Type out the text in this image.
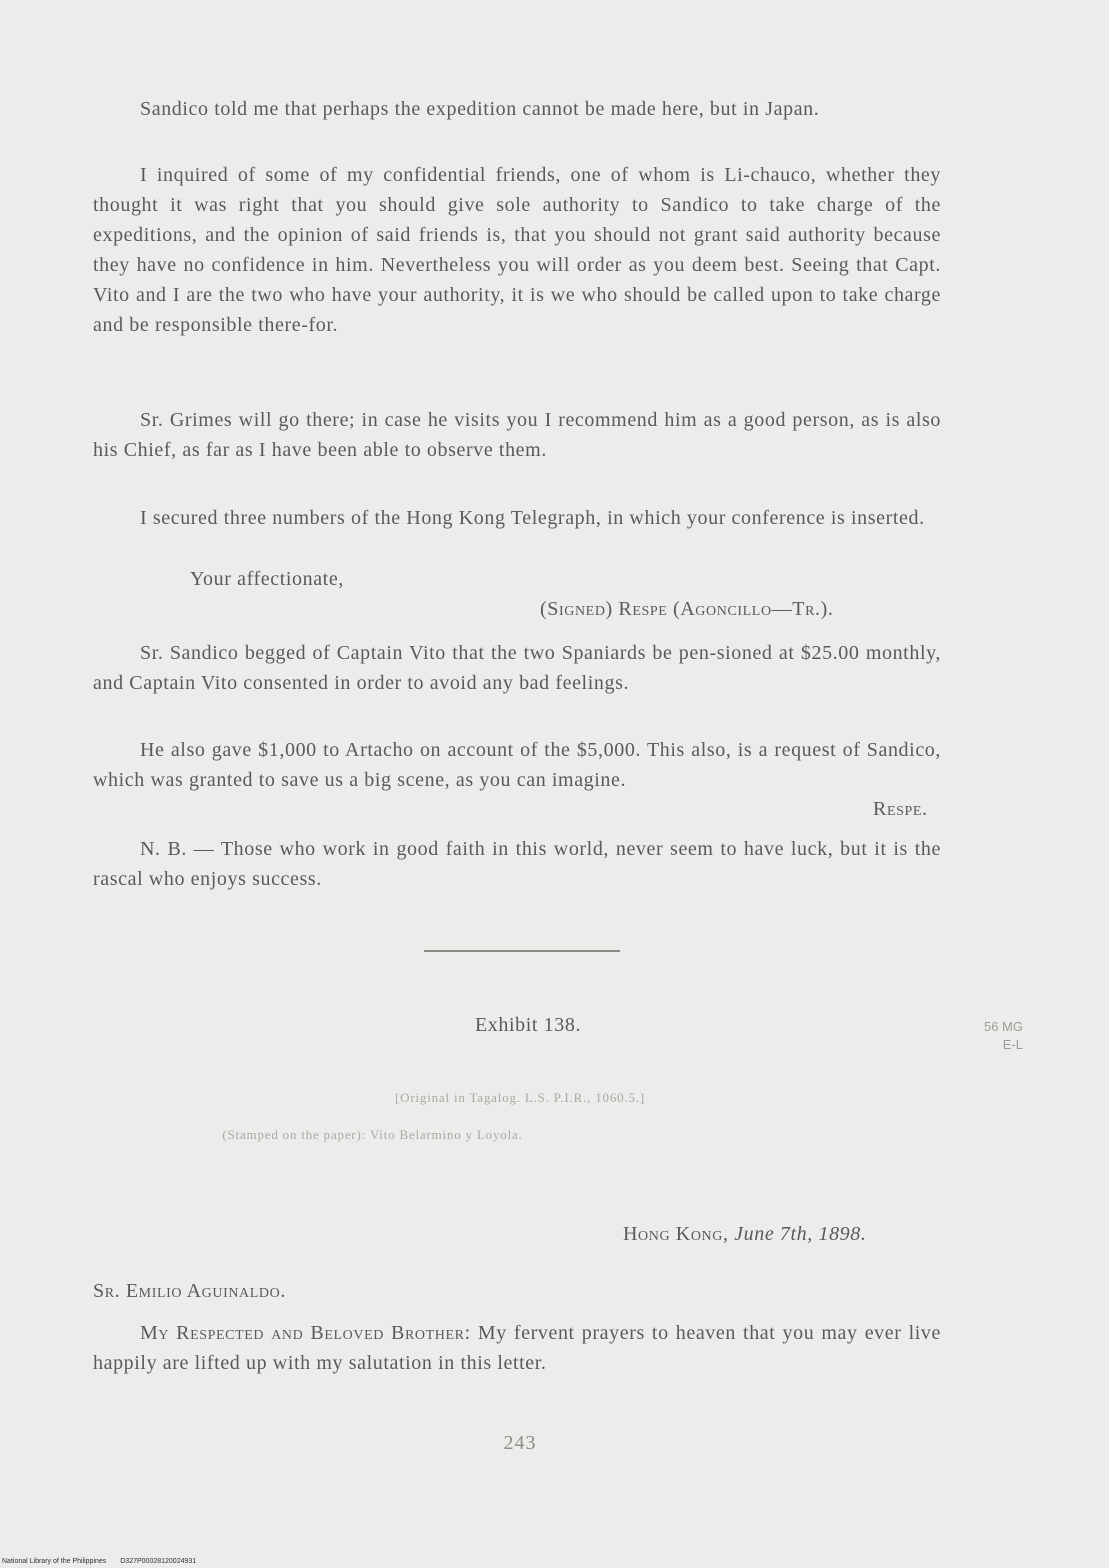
Sandico told me that perhaps the expedition cannot be made here, but in Japan.
I inquired of some of my confidential friends, one of whom is Li-chauco, whether they thought it was right that you should give sole authority to Sandico to take charge of the expeditions, and the opinion of said friends is, that you should not grant said authority because they have no confidence in him. Nevertheless you will order as you deem best. Seeing that Capt. Vito and I are the two who have your authority, it is we who should be called upon to take charge and be responsible there-for.
Sr. Grimes will go there; in case he visits you I recommend him as a good person, as is also his Chief, as far as I have been able to observe them.
I secured three numbers of the Hong Kong Telegraph, in which your conference is inserted.
Your affectionate,
(Signed) Respe (Agoncillo—Tr.).
Sr. Sandico begged of Captain Vito that the two Spaniards be pen-sioned at $25.00 monthly, and Captain Vito consented in order to avoid any bad feelings.
He also gave $1,000 to Artacho on account of the $5,000. This also, is a request of Sandico, which was granted to save us a big scene, as you can imagine.
Respe.
N. B. — Those who work in good faith in this world, never seem to have luck, but it is the rascal who enjoys success.
Exhibit 138.	56 MG
E-L
[Original in Tagalog. L.S. P.I.R., 1060.5.]
(Stamped on the paper): Vito Belarmino y Loyola.
Hong Kong, June 7th, 1898.
Sr. Emilio Aguinaldo.
My Respected and Beloved Brother: My fervent prayers to heaven that you may ever live happily are lifted up with my salutation in this letter.
243
National Library of the Philippines D327P00028120024931
